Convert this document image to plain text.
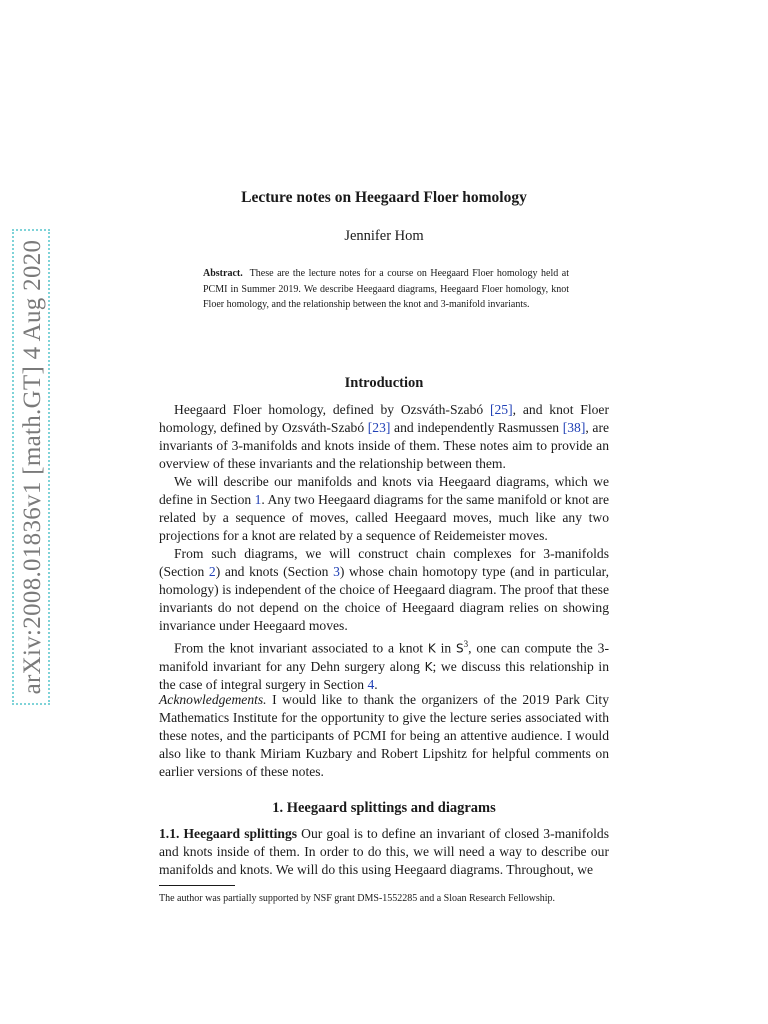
arXiv:2008.01836v1 [math.GT] 4 Aug 2020
Lecture notes on Heegaard Floer homology
Jennifer Hom
Abstract. These are the lecture notes for a course on Heegaard Floer homology held at PCMI in Summer 2019. We describe Heegaard diagrams, Heegaard Floer homology, knot Floer homology, and the relationship between the knot and 3-manifold invariants.
Introduction

Heegaard Floer homology, defined by Ozsváth-Szabó [25], and knot Floer homology, defined by Ozsváth-Szabó [23] and independently Rasmussen [38], are invariants of 3-manifolds and knots inside of them. These notes aim to provide an overview of these invariants and the relationship between them.

We will describe our manifolds and knots via Heegaard diagrams, which we define in Section 1. Any two Heegaard diagrams for the same manifold or knot are related by a sequence of moves, called Heegaard moves, much like any two projections for a knot are related by a sequence of Reidemeister moves.

From such diagrams, we will construct chain complexes for 3-manifolds (Section 2) and knots (Section 3) whose chain homotopy type (and in particular, homology) is independent of the choice of Heegaard diagram. The proof that these invariants do not depend on the choice of Heegaard diagram relies on showing invariance under Heegaard moves.

From the knot invariant associated to a knot K in $S^3$, one can compute the 3-manifold invariant for any Dehn surgery along K; we discuss this relationship in the case of integral surgery in Section 4.

Acknowledgements. I would like to thank the organizers of the 2019 Park City Mathematics Institute for the opportunity to give the lecture series associated with these notes, and the participants of PCMI for being an attentive audience. I would also like to thank Miriam Kuzbary and Robert Lipshitz for helpful comments on earlier versions of these notes.

1. Heegaard splittings and diagrams

1.1. Heegaard splittings Our goal is to define an invariant of closed 3-manifolds and knots inside of them. In order to do this, we will need a way to describe our manifolds and knots. We will do this using Heegaard diagrams. Throughout, we

The author was partially supported by NSF grant DMS-1552285 and a Sloan Research Fellowship.
